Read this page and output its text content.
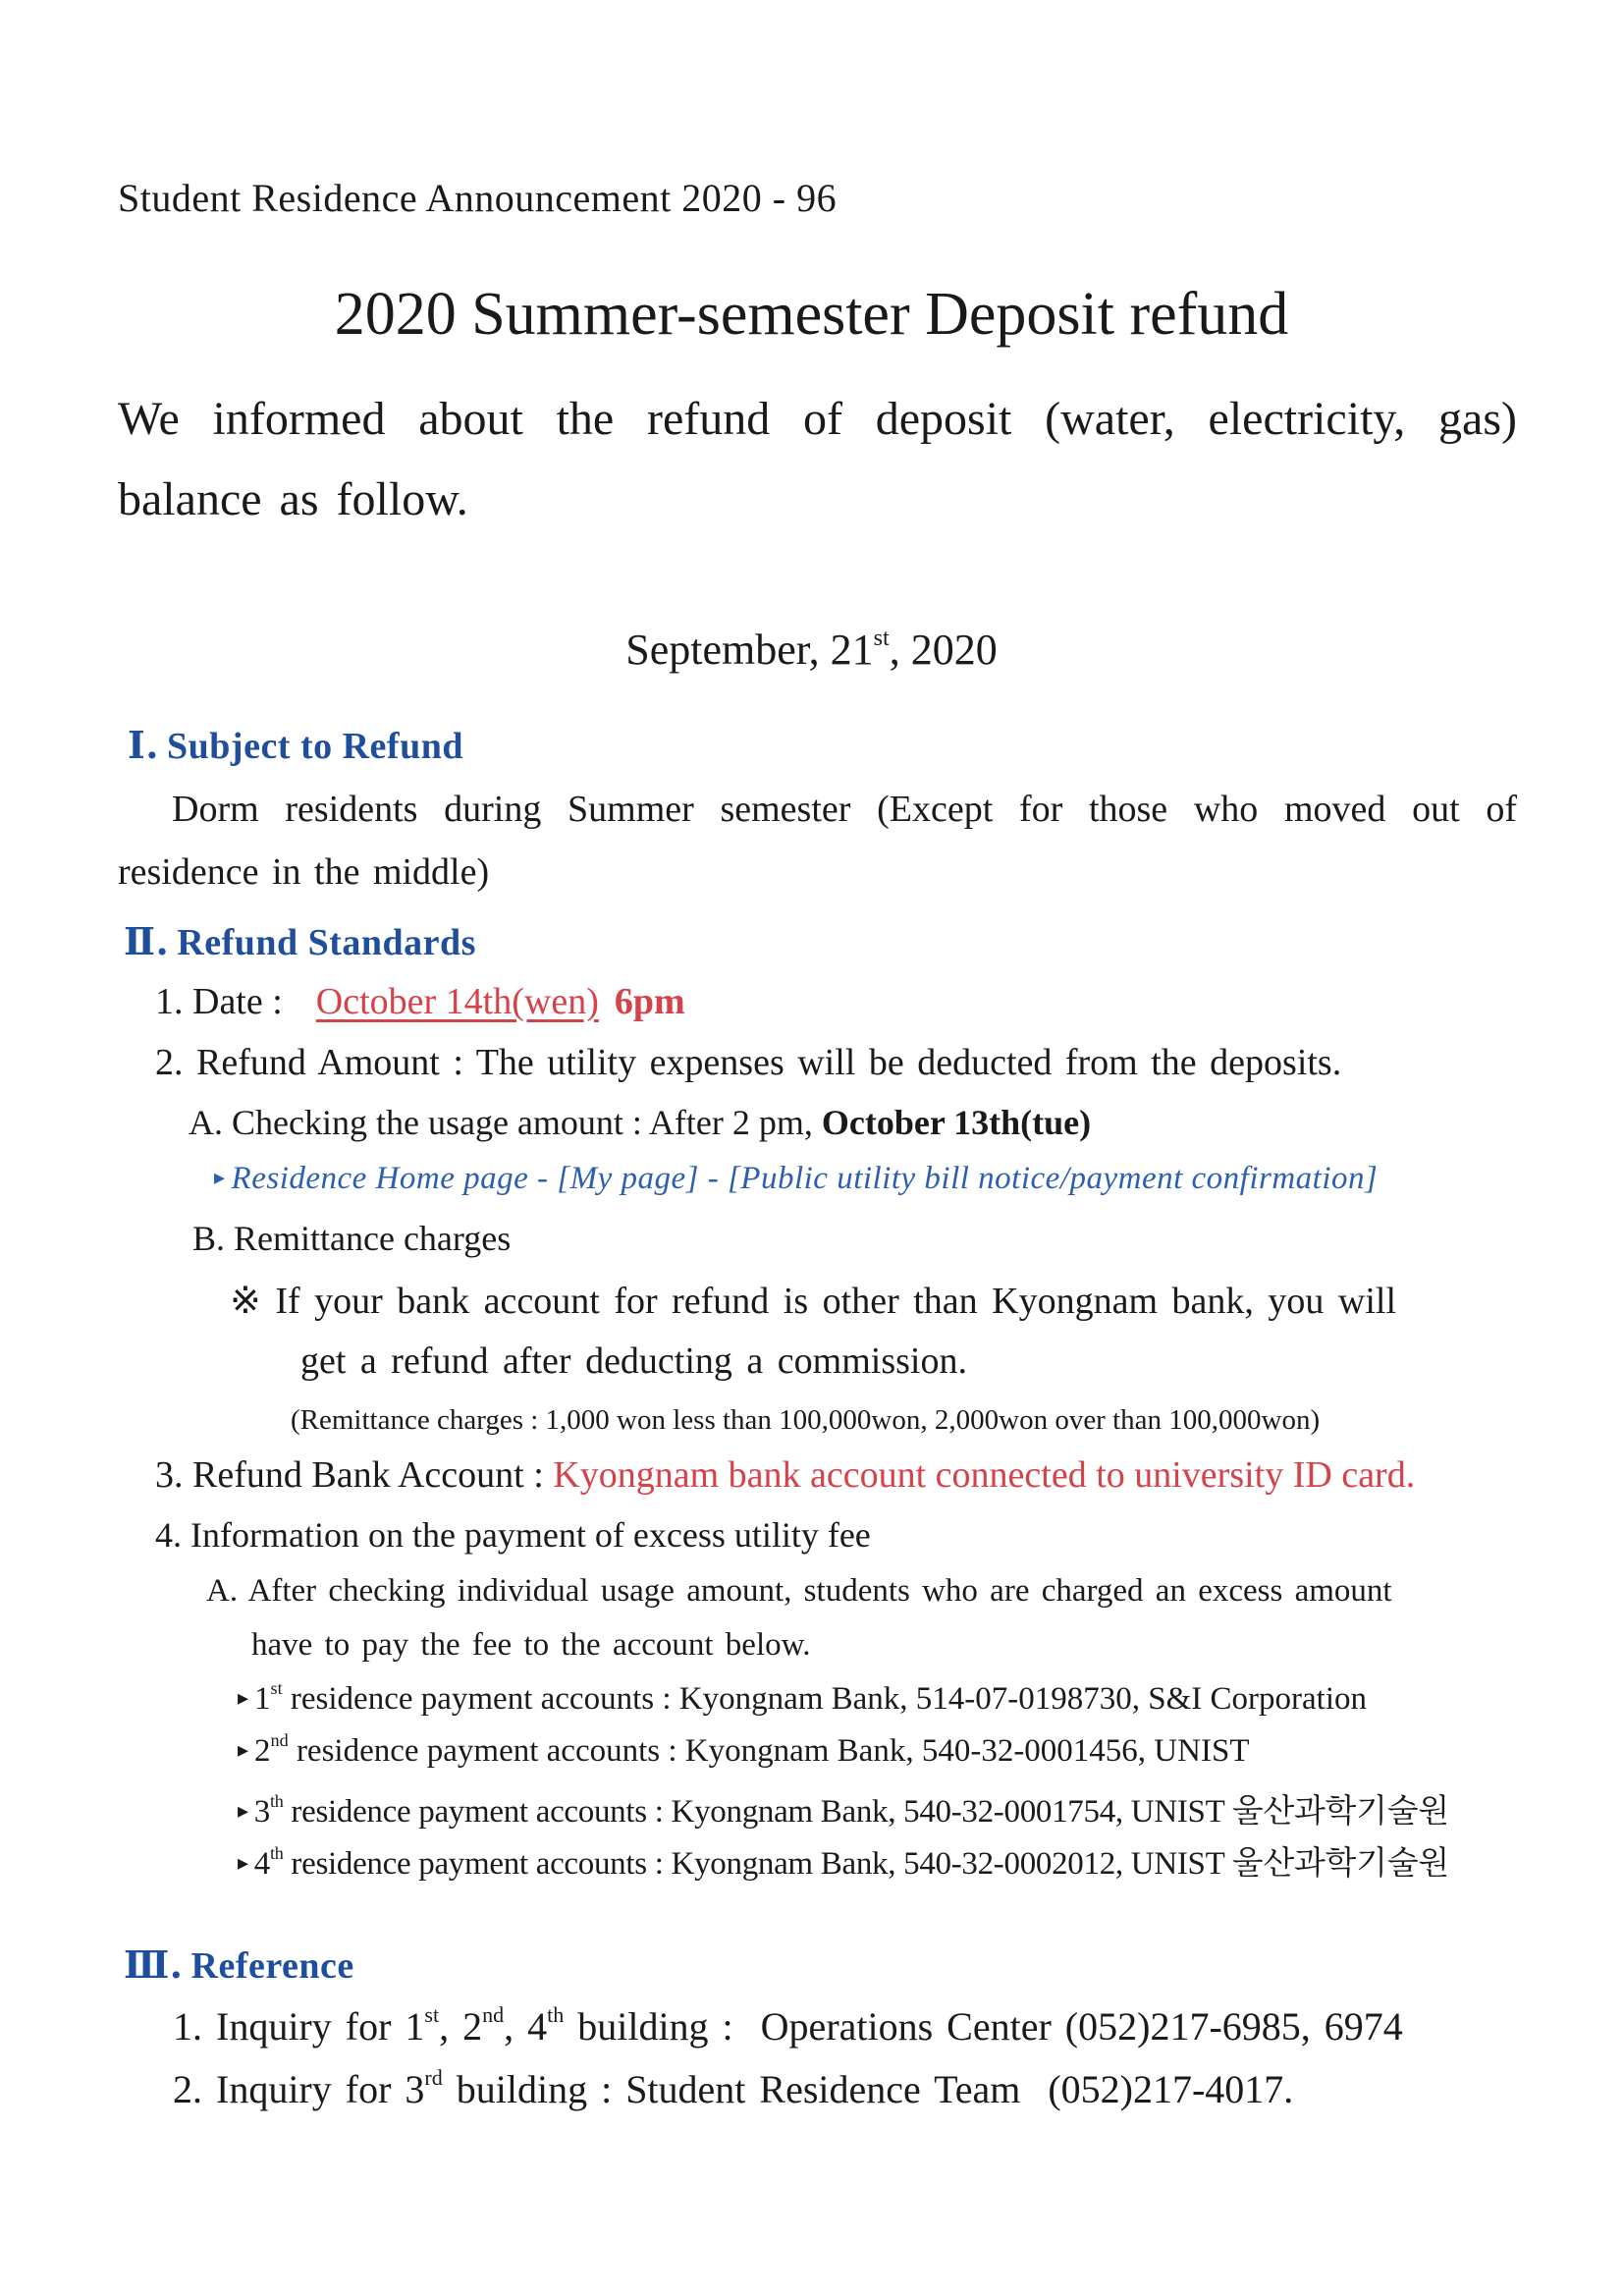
Student Residence Announcement 2020 - 96
2020 Summer-semester Deposit refund
We informed about the refund of deposit (water, electricity, gas) balance as follow.
September, 21st, 2020
Ⅰ. Subject to Refund
Dorm residents during Summer semester (Except for those who moved out of residence in the middle)
Ⅱ. Refund Standards
1. Date : October 14th(wen) 6pm
2. Refund Amount : The utility expenses will be deducted from the deposits.
A. Checking the usage amount : After 2 pm, October 13th(tue)
▸ Residence Home page - [My page] - [Public utility bill notice/payment confirmation]
B. Remittance charges
※ If your bank account for refund is other than Kyongnam bank, you will
get a refund after deducting a commission.
(Remittance charges : 1,000 won less than 100,000won, 2,000won over than 100,000won)
3. Refund Bank Account : Kyongnam bank account connected to university ID card.
4. Information on the payment of excess utility fee
A. After checking individual usage amount, students who are charged an excess amount
have to pay the fee to the account below.
▸ 1st residence payment accounts : Kyongnam Bank, 514-07-0198730, S&I Corporation
▸ 2nd residence payment accounts : Kyongnam Bank, 540-32-0001456, UNIST
▸ 3th residence payment accounts : Kyongnam Bank, 540-32-0001754, UNIST 울산과학기술원
▸ 4th residence payment accounts : Kyongnam Bank, 540-32-0002012, UNIST 울산과학기술원
Ⅲ. Reference
1. Inquiry for 1st, 2nd, 4th building :  Operations Center (052)217-6985, 6974
2. Inquiry for 3rd building : Student Residence Team  (052)217-4017.
